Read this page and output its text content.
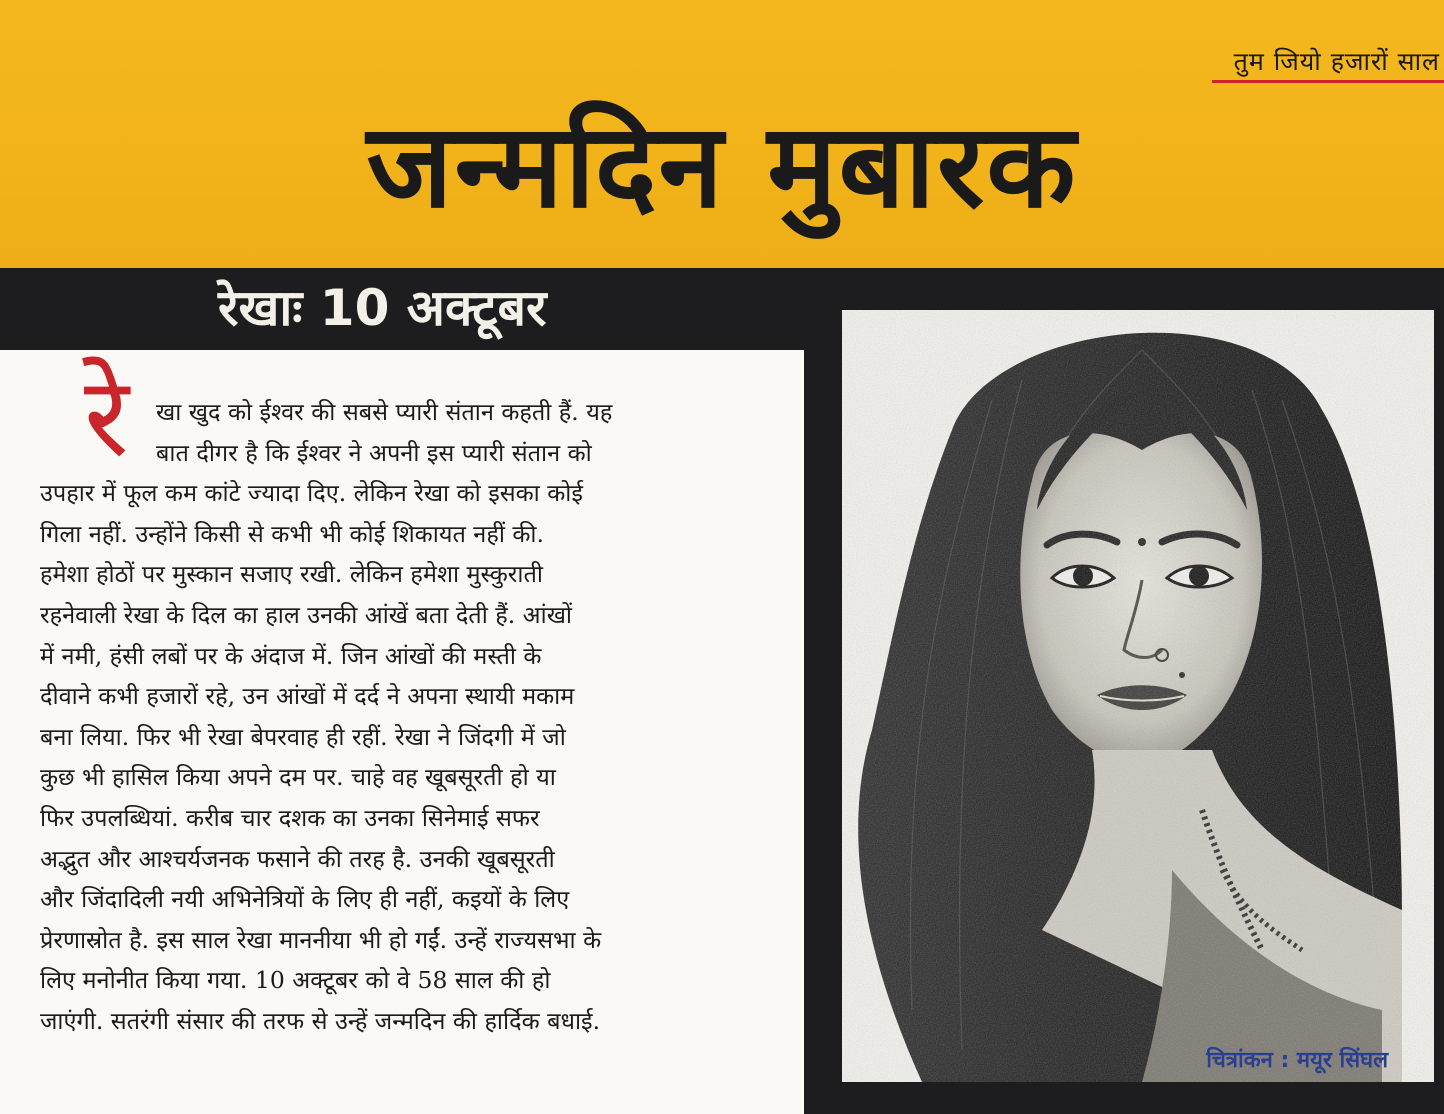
तुम जियो हजारों साल
जन्मदिन मुबारक
रेखाः 10 अक्टूबर
रे	खा खुद को ईश्वर की सबसे प्यारी संतान कहती हैं. यह
बात दीगर है कि ईश्वर ने अपनी इस प्यारी संतान को
उपहार में फूल कम कांटे ज्यादा दिए. लेकिन रेखा को इसका कोई
गिला नहीं. उन्होंने किसी से कभी भी कोई शिकायत नहीं की.
हमेशा होठों पर मुस्कान सजाए रखी. लेकिन हमेशा मुस्कुराती
रहनेवाली रेखा के दिल का हाल उनकी आंखें बता देती हैं. आंखों
में नमी, हंसी लबों पर के अंदाज में. जिन आंखों की मस्ती के
दीवाने कभी हजारों रहे, उन आंखों में दर्द ने अपना स्थायी मकाम
बना लिया. फिर भी रेखा बेपरवाह ही रहीं. रेखा ने जिंदगी में जो
कुछ भी हासिल किया अपने दम पर. चाहे वह खूबसूरती हो या
फिर उपलब्धियां. करीब चार दशक का उनका सिनेमाई सफर
अद्भुत और आश्चर्यजनक फसाने की तरह है. उनकी खूबसूरती
और जिंदादिली नयी अभिनेत्रियों के लिए ही नहीं, कइयों के लिए
प्रेरणास्रोत है. इस साल रेखा माननीया भी हो गईं. उन्हें राज्यसभा के
लिए मनोनीत किया गया. 10 अक्टूबर को वे 58 साल की हो
जाएंगी. सतरंगी संसार की तरफ से उन्हें जन्मदिन की हार्दिक बधाई.
चित्रांकन : मयूर सिंघल
